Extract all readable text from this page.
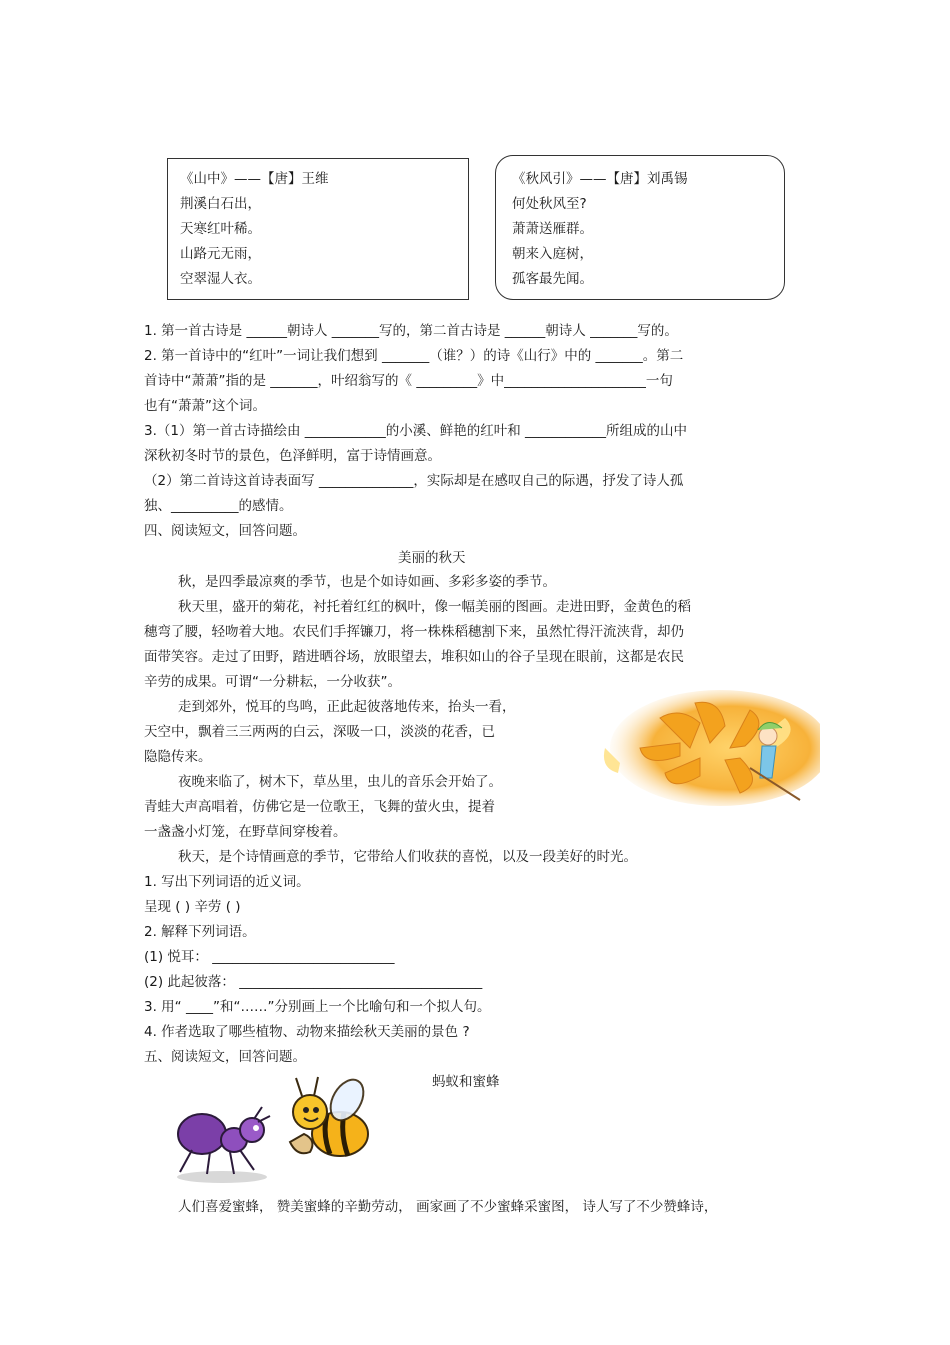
《山中》——【唐】王维
荆溪白石出，
天寒红叶稀。
山路元无雨，
空翠湿人衣。
《秋风引》——【唐】刘禹锡
何处秋风至?
萧萧送雁群。
朝来入庭树，
孤客最先闻。
1. 第一首古诗是 ______朝诗人 _______写的，第二首古诗是 ______朝诗人 _______写的。
2. 第一首诗中的“红叶”一词让我们想到 _______（谁？）的诗《山行》中的 _______。第二
首诗中“萧萧”指的是 _______，叶绍翁写的《 _________》中_____________________一句
也有“萧萧”这个词。
3.（1）第一首古诗描绘由 ____________的小溪、鲜艳的红叶和 ____________所组成的山中
深秋初冬时节的景色，色泽鲜明，富于诗情画意。
（2）第二首诗这首诗表面写 ______________，实际却是在感叹自己的际遇，抒发了诗人孤
独、__________的感情。
四、阅读短文，回答问题。
美丽的秋天
秋，是四季最凉爽的季节，也是个如诗如画、多彩多姿的季节。
秋天里，盛开的菊花，衬托着红红的枫叶，像一幅美丽的图画。走进田野，金黄色的稻
穗弯了腰，轻吻着大地。农民们手挥镰刀，将一株株稻穗割下来，虽然忙得汗流浃背，却仍
面带笑容。走过了田野，踏进晒谷场，放眼望去，堆积如山的谷子呈现在眼前，这都是农民
辛劳的成果。可谓“一分耕耘，一分收获”。
走到郊外，悦耳的鸟鸣，正此起彼落地传来，抬头一看，
天空中，飘着三三两两的白云，深吸一口，淡淡的花香，已
隐隐传来。
夜晚来临了，树木下，草丛里，虫儿的音乐会开始了。
青蛙大声高唱着，仿佛它是一位歌王，飞舞的萤火虫，提着
一盏盏小灯笼，在野草间穿梭着。
秋天，是个诗情画意的季节，它带给人们收获的喜悦，以及一段美好的时光。
1. 写出下列词语的近义词。
呈现 ( ) 辛劳 ( )
2. 解释下列词语。
(1) 悦耳： ___________________________
(2) 此起彼落： ____________________________________
3. 用“ ____”和“……”分别画上一个比喻句和一个拟人句。
4. 作者选取了哪些植物、动物来描绘秋天美丽的景色 ?
五、阅读短文，回答问题。
蚂蚁和蜜蜂
人们喜爱蜜蜂， 赞美蜜蜂的辛勤劳动， 画家画了不少蜜蜂采蜜图， 诗人写了不少赞蜂诗，
